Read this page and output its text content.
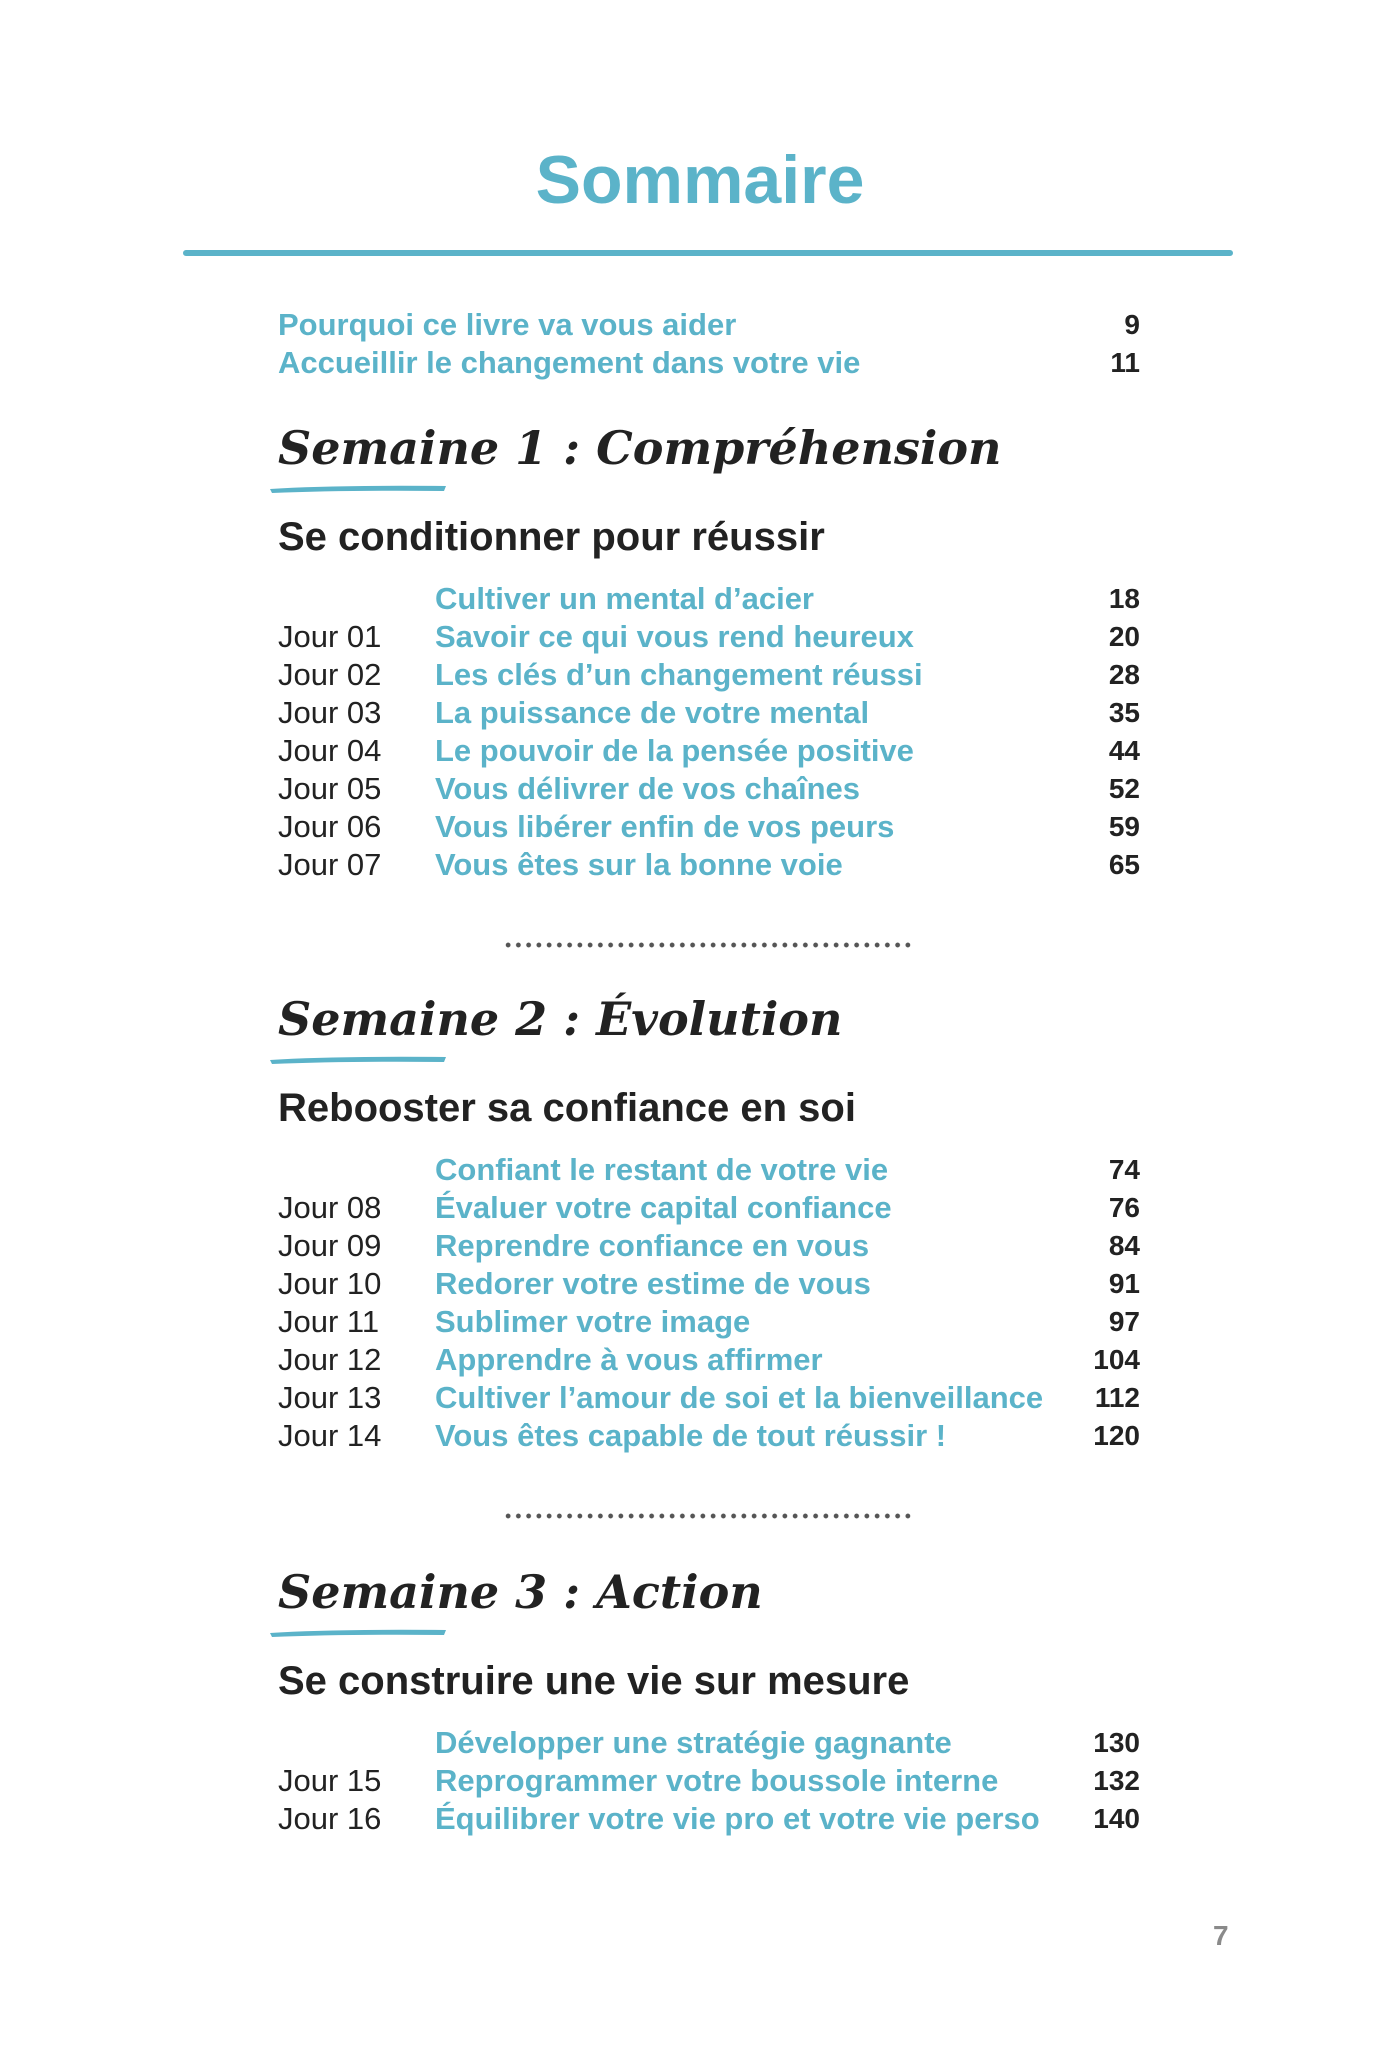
Sommaire
Pourquoi ce livre va vous aider	9
Accueillir le changement dans votre vie	11
Semaine 1 : Compréhension
Se conditionner pour réussir
Cultiver un mental d’acier	18
Jour 01 Savoir ce qui vous rend heureux	20
Jour 02 Les clés d’un changement réussi	28
Jour 03 La puissance de votre mental	35
Jour 04 Le pouvoir de la pensée positive	44
Jour 05 Vous délivrer de vos chaînes	52
Jour 06 Vous libérer enfin de vos peurs	59
Jour 07 Vous êtes sur la bonne voie	65
Semaine 2 : Évolution
Rebooster sa confiance en soi
Confiant le restant de votre vie	74
Jour 08 Évaluer votre capital confiance	76
Jour 09 Reprendre confiance en vous	84
Jour 10 Redorer votre estime de vous	91
Jour 11 Sublimer votre image	97
Jour 12 Apprendre à vous affirmer	104
Jour 13 Cultiver l’amour de soi et la bienveillance 112
Jour 14 Vous êtes capable de tout réussir !	120
Semaine 3 : Action
Se construire une vie sur mesure
Développer une stratégie gagnante	130
Jour 15 Reprogrammer votre boussole interne	132
Jour 16 Équilibrer votre vie pro et votre vie perso 140
7
